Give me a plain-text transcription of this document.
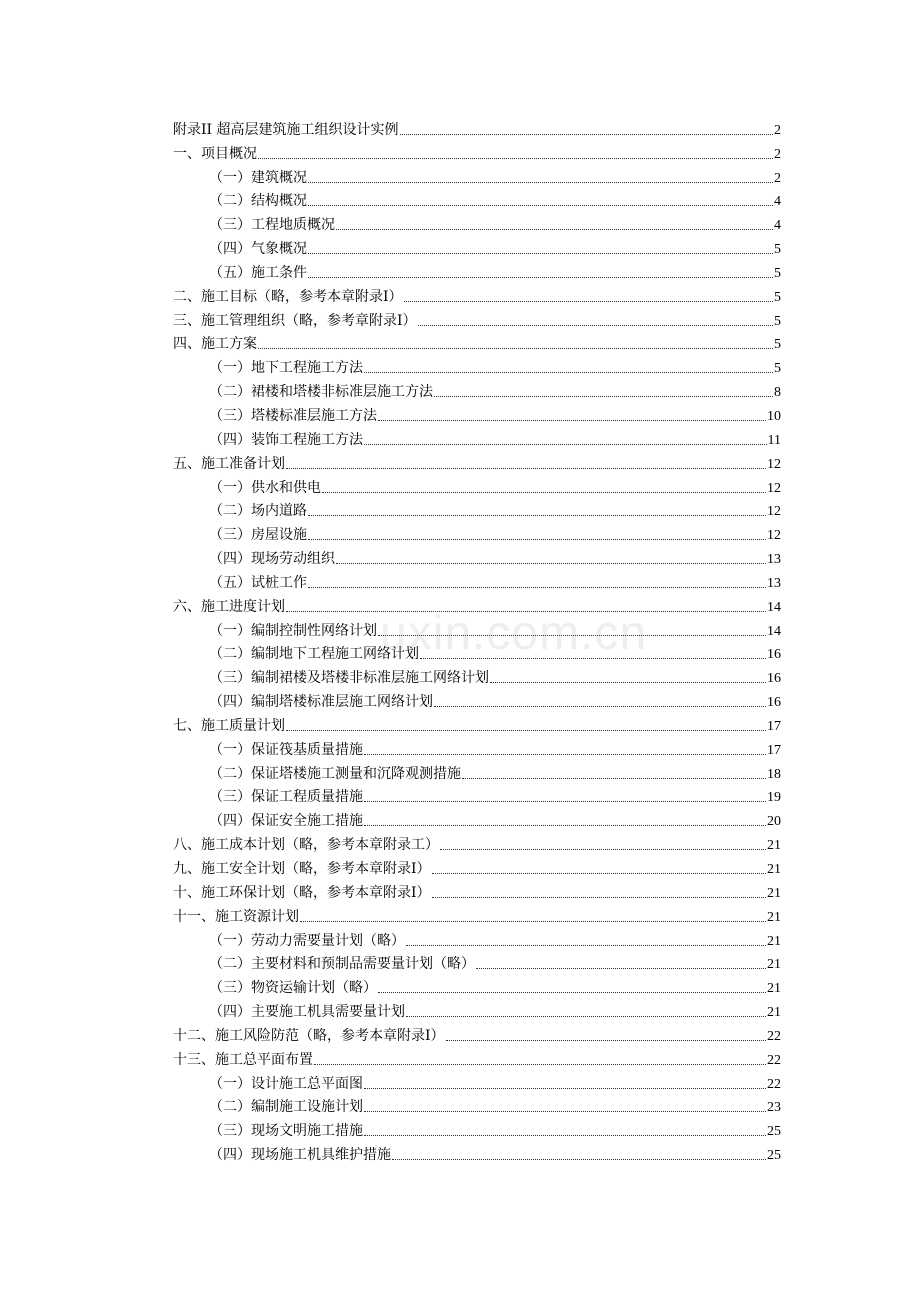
uxin.com.cn
附录II 超高层建筑施工组织设计实例	2
一、项目概况	2
（一）建筑概况	2
（二）结构概况	4
（三）工程地质概况	4
（四）气象概况	5
（五）施工条件	5
二、施工目标（略，参考本章附录I）	5
三、施工管理组织（略，参考章附录I）	5
四、施工方案	5
（一）地下工程施工方法	5
（二）裙楼和塔楼非标准层施工方法	8
（三）塔楼标准层施工方法	10
（四）装饰工程施工方法	11
五、施工准备计划	12
（一）供水和供电	12
（二）场内道路	12
（三）房屋设施	12
（四）现场劳动组织	13
（五）试桩工作	13
六、施工进度计划	14
（一）编制控制性网络计划	14
（二）编制地下工程施工网络计划	16
（三）编制裙楼及塔楼非标准层施工网络计划	16
（四）编制塔楼标准层施工网络计划	16
七、施工质量计划	17
（一）保证筏基质量措施	17
（二）保证塔楼施工测量和沉降观测措施	18
（三）保证工程质量措施	19
（四）保证安全施工措施	20
八、施工成本计划（略，参考本章附录工）	21
九、施工安全计划（略，参考本章附录I）	21
十、施工环保计划（略，参考本章附录I）	21
十一、施工资源计划	21
（一）劳动力需要量计划（略）	21
（二）主要材料和预制品需要量计划（略）	21
（三）物资运输计划（略）	21
（四）主要施工机具需要量计划	21
十二、施工风险防范（略，参考本章附录I）	22
十三、施工总平面布置	22
（一）设计施工总平面图	22
（二）编制施工设施计划	23
（三）现场文明施工措施	25
（四）现场施工机具维护措施	25
